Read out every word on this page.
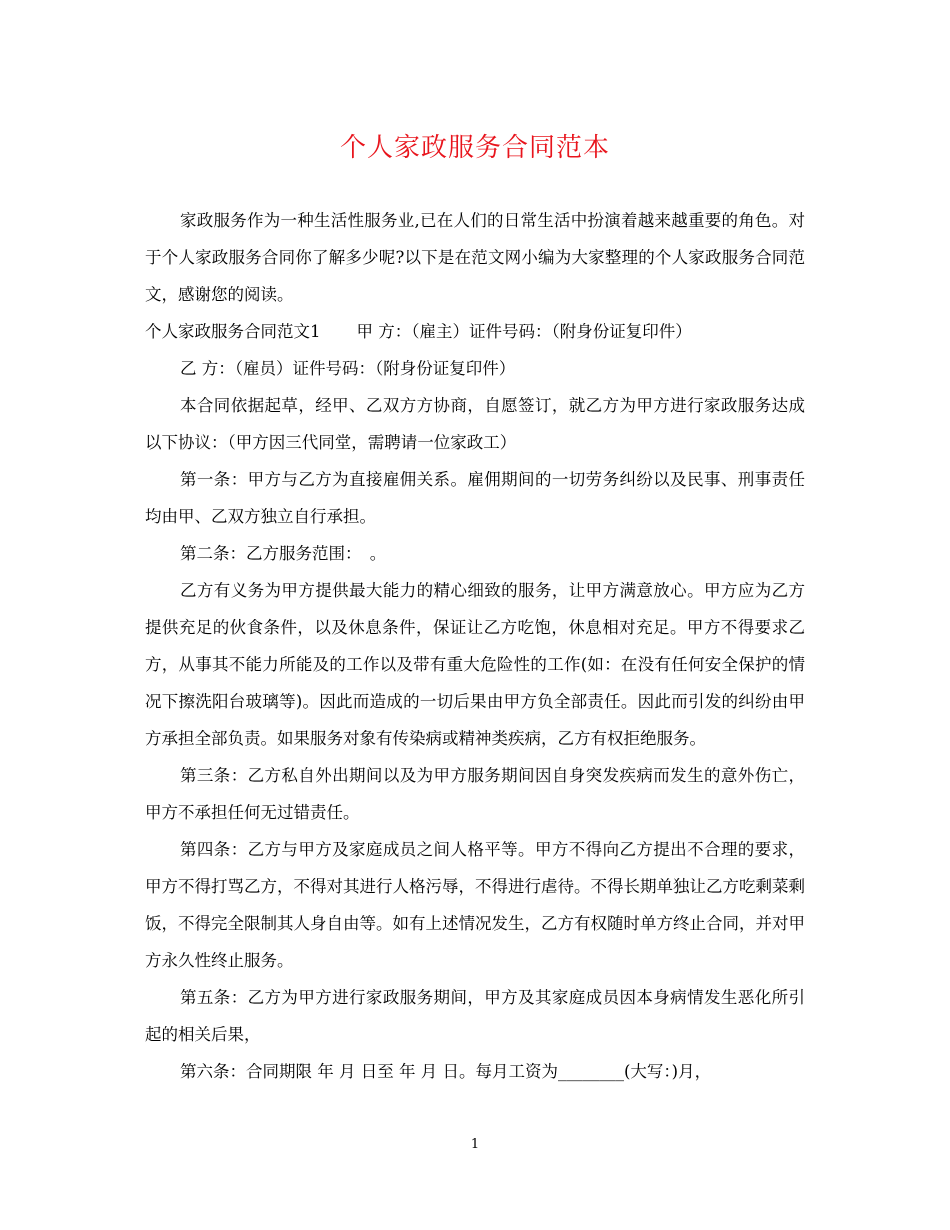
个人家政服务合同范本

家政服务作为一种生活性服务业,已在人们的日常生活中扮演着越来越重要的角色。对于个人家政服务合同你了解多少呢?以下是在范文网小编为大家整理的个人家政服务合同范文，感谢您的阅读。

个人家政服务合同范文1 甲 方：（雇主）证件号码：（附身份证复印件）

乙 方：（雇员）证件号码：（附身份证复印件）

本合同依据起草，经甲、乙双方方协商，自愿签订，就乙方为甲方进行家政服务达成以下协议：（甲方因三代同堂，需聘请一位家政工）

第一条：甲方与乙方为直接雇佣关系。雇佣期间的一切劳务纠纷以及民事、刑事责任均由甲、乙双方独立自行承担。

第二条：乙方服务范围：　。

乙方有义务为甲方提供最大能力的精心细致的服务，让甲方满意放心。甲方应为乙方提供充足的伙食条件，以及休息条件，保证让乙方吃饱，休息相对充足。甲方不得要求乙方，从事其不能力所能及的工作以及带有重大危险性的工作(如：在没有任何安全保护的情况下擦洗阳台玻璃等)。因此而造成的一切后果由甲方负全部责任。因此而引发的纠纷由甲方承担全部负责。如果服务对象有传染病或精神类疾病，乙方有权拒绝服务。

第三条：乙方私自外出期间以及为甲方服务期间因自身突发疾病而发生的意外伤亡，甲方不承担任何无过错责任。

第四条：乙方与甲方及家庭成员之间人格平等。甲方不得向乙方提出不合理的要求，甲方不得打骂乙方，不得对其进行人格污辱，不得进行虐待。不得长期单独让乙方吃剩菜剩饭，不得完全限制其人身自由等。如有上述情况发生，乙方有权随时单方终止合同，并对甲方永久性终止服务。

第五条：乙方为甲方进行家政服务期间，甲方及其家庭成员因本身病情发生恶化所引起的相关后果，

第六条：合同期限 年 月 日至 年 月 日。每月工资为________(大写：)月，

1
